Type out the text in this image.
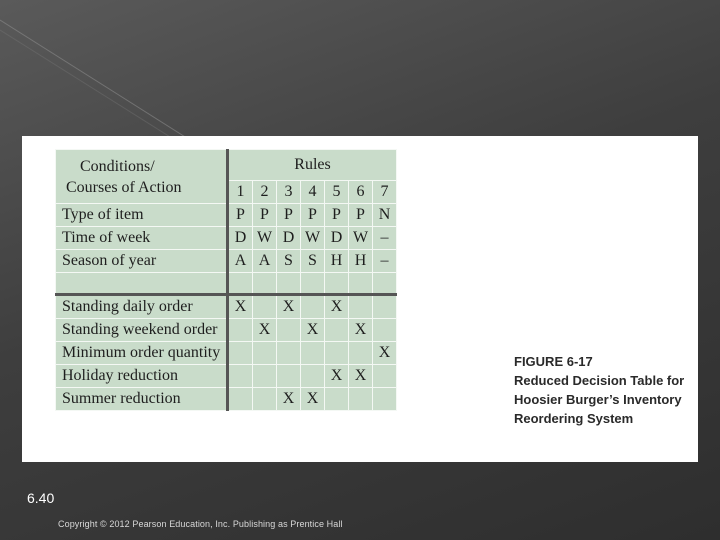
Conditions/
Courses of Action	Rules						
	1	2	3	4	5	6	7
Type of item	P	P	P	P	P	P	N
Time of week	D	W	D	W	D	W	–
Season of year	A	A	S	S	H	H	–

Standing daily order	X		X		X		
Standing weekend order		X		X		X	
Minimum order quantity							X
Holiday reduction					X	X	
Summer reduction			X	X			
FIGURE 6-17
Reduced Decision Table for
Hoosier Burger’s Inventory
Reordering System
6.40
Copyright © 2012 Pearson Education, Inc. Publishing as Prentice Hall
